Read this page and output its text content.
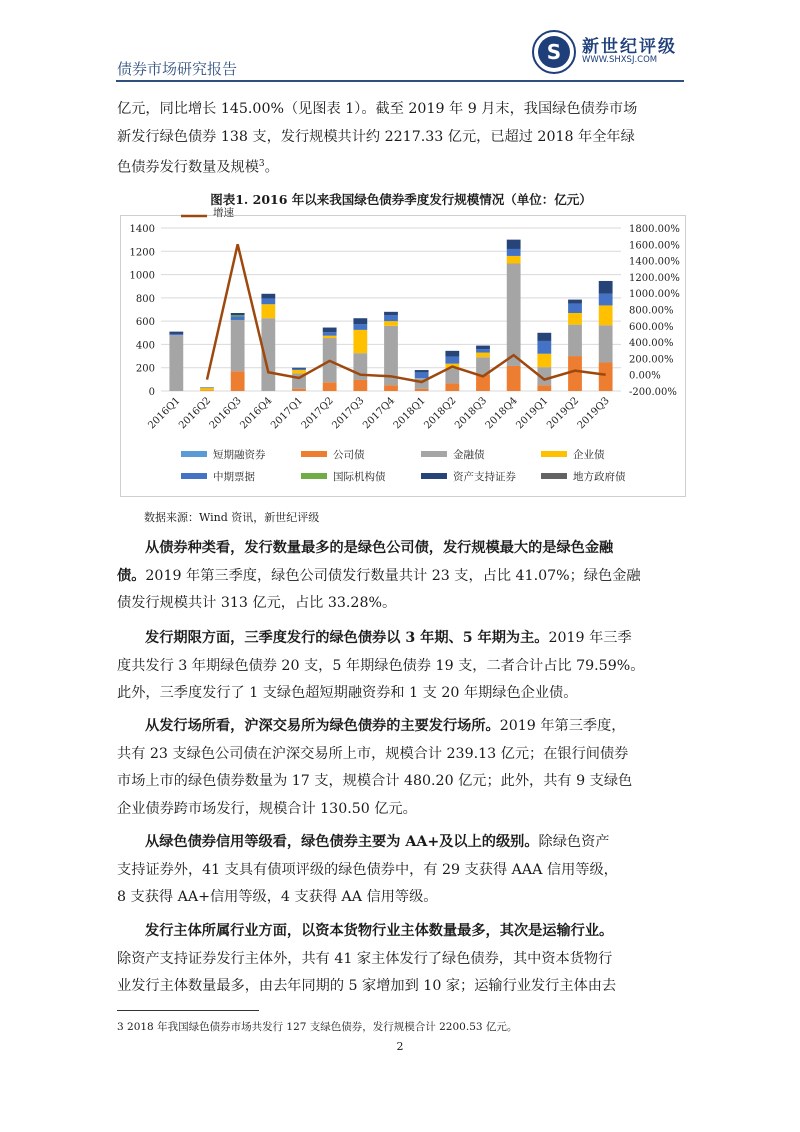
债券市场研究报告
S 新世纪评级
WWW.SHXSJ.COM
亿元，同比增长 145.00%（见图表 1）。截至 2019 年 9 月末，我国绿色债券市场
新发行绿色债券 138 支，发行规模共计约 2217.33 亿元，已超过 2018 年全年绿
色债券发行数量及规模$^3$。
图表1. 2016 年以来我国绿色债券季度发行规模情况（单位：亿元）
0
200
400
600
800
1000
1200
1400
-200.00%
0.00%
200.00%
400.00%
600.00%
800.00%
1000.00%
1200.00%
1400.00%
1600.00%
1800.00%
2016Q1
2016Q2
2016Q3
2016Q4
2017Q1
2017Q2
2017Q3
2017Q4
2018Q1
2018Q2
2018Q3
2018Q4
2019Q1
2019Q2
2019Q3
短期融资券	公司债	金融债	企业债
中期票据	国际机构债	资产支持证券	地方政府债
增速
数据来源：Wind 资讯，新世纪评级
从债券种类看，发行数量最多的是绿色公司债，发行规模最大的是绿色金融
债。2019 年第三季度，绿色公司债发行数量共计 23 支，占比 41.07%；绿色金融
债发行规模共计 313 亿元，占比 33.28%。
发行期限方面，三季度发行的绿色债券以 3 年期、5 年期为主。2019 年三季
度共发行 3 年期绿色债券 20 支，5 年期绿色债券 19 支，二者合计占比 79.59%。
此外，三季度发行了 1 支绿色超短期融资券和 1 支 20 年期绿色企业债。
从发行场所看，沪深交易所为绿色债券的主要发行场所。2019 年第三季度，
共有 23 支绿色公司债在沪深交易所上市，规模合计 239.13 亿元；在银行间债券
市场上市的绿色债券数量为 17 支，规模合计 480.20 亿元；此外，共有 9 支绿色
企业债券跨市场发行，规模合计 130.50 亿元。
从绿色债券信用等级看，绿色债券主要为 AA+及以上的级别。除绿色资产
支持证券外，41 支具有债项评级的绿色债券中，有 29 支获得 AAA 信用等级，
8 支获得 AA+信用等级，4 支获得 AA 信用等级。
发行主体所属行业方面，以资本货物行业主体数量最多，其次是运输行业。
除资产支持证券发行主体外，共有 41 家主体发行了绿色债券，其中资本货物行
业发行主体数量最多，由去年同期的 5 家增加到 10 家；运输行业发行主体由去
3 2018 年我国绿色债券市场共发行 127 支绿色债券，发行规模合计 2200.53 亿元。
2
